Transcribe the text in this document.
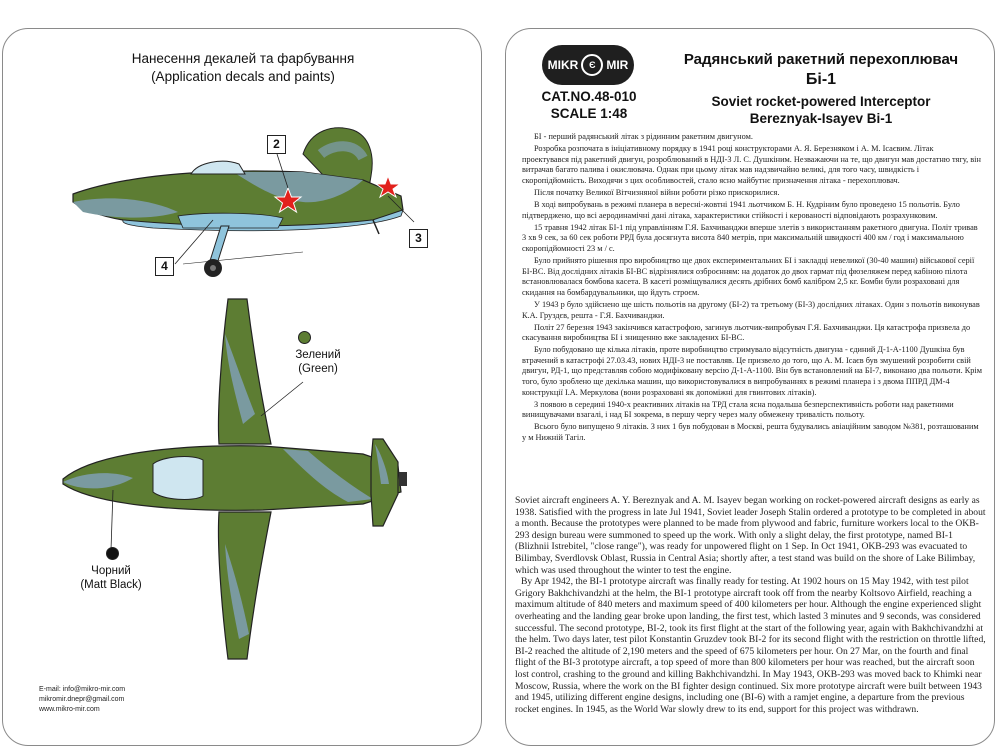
Нанесення декалей та фарбування
(Application decals and paints)
2
3
4
Зелений
(Green)
Чорний
(Matt Black)
E-mail: info@mikro-mir.com
mikromir.dnepr@gmail.com
www.mikro-mir.com
MIKR	Є MIR
CAT.NO.48-010
SCALE 1:48
Радянський ракетний перехоплювач
Бі-1
Soviet rocket-powered Interceptor
Bereznyak-Isayev Bi-1

БІ - перший радянський літак з рідинним ракетним двигуном.

Розробка розпочата в ініціативному порядку в 1941 році конструкторами А. Я. Березняком і А. М. Ісаєвим. Літак проектувався під ракетний двигун, розроблюваний в НДІ-3 Л. С. Душкіним. Незважаючи на те, що двигун мав достатню тягу, він витрачав багато палива і окислювача. Однак при цьому літак мав надзвичайно великі, для того часу, швидкість і скоропідйомність. Виходячи з цих особливостей, стало ясно майбутнє призначення літака - перехоплювач.

Після початку Великої Вітчизняної війни роботи різко прискорилися.

В ході випробувань в режимі планера в вересні-жовтні 1941 льотчиком Б. Н. Кудріним було проведено 15 польотів. Було підтверджено, що всі аеродинамічні дані літака, характеристики стійкості і керованості відповідають розрахунковим.

15 травня 1942 літак БІ-1 під управлінням Г.Я. Бахчиванджи вперше злетів з використанням ракетного двигуна. Політ тривав 3 хв 9 сек, за 60 сек роботи РРД була досягнута висота 840 метрів, при максимальній швидкості 400 км / год і максимальною скоропідйомності 23 м / с.

Було прийнято рішення про виробництво ще двох експериментальних БІ і закладці невеликої (30-40 машин) військової серії БІ-ВС. Від дослідних літаків БІ-ВС відрізнялися озброєнням: на додаток до двох гармат під фюзеляжем перед кабіною пілота встановлювалася бомбова касета. В касеті розміщувалися десять дрібних бомб калібром 2,5 кг. Бомби були розраховані для скидання на бомбардувальники, що йдуть строєм.

У 1943 р було здійснено ще шість польотів на другому (БІ-2) та третьому (БІ-3) дослідних літаках. Один з польотів виконував К.А. Груздєв, решта - Г.Я. Бахчиванджи.

Політ 27 березня 1943 закінчився катастрофою, загинув льотчик-випробувач Г.Я. Бахчиванджи. Ця катастрофа призвела до скасування виробництва БІ і знищенню вже закладених БІ-ВС.

Було побудовано ще кілька літаків, проте виробництво стримувало відсутність двигуна - єдиний Д-1-А-1100 Душкіна був втрачений в катастрофі 27.03.43, нових НДІ-3 не поставляв. Це призвело до того, що А. М. Ісаєв був змушений розробити свій двигун, РД-1, що представляв собою модифіковану версію Д-1-А-1100. Він був встановлений на БІ-7, виконано два польоти. Крім того, було зроблено ще декілька машин, що використовувалися в випробуваннях в режимі планера і з двома ППРД ДМ-4 конструкції І.А. Меркулова (вони розраховані як допоміжні для гвинтових літаків).

З появою в середині 1940-х реактивних літаків на ТРД стала ясна подальша безперспективність роботи над ракетними винищувачами взагалі, і над БІ зокрема, в першу чергу через малу обмежену тривалість польоту.

Всього було випущено 9 літаків. З них 1 був побудован в Москві, решта будувались авіаційним заводом №381, розташованим у м Нижній Тагіл.

Soviet aircraft engineers A. Y. Bereznyak and A. M. Isayev began working on rocket-powered aircraft designs as early as 1938. Satisfied with the progress in late Jul 1941, Soviet leader Joseph Stalin ordered a prototype to be completed in about a month. Because the prototypes were planned to be made from plywood and fabric, furniture workers local to the OKB-293 design bureau were summoned to speed up the work. With only a slight delay, the first prototype, named BI-1 (Blizhnii Istrebitel, "close range"), was ready for unpowered flight on 1 Sep. In Oct 1941, OKB-293 was evacuated to Bilimbay, Sverdlovsk Oblast, Russia in Central Asia; shortly after, a test stand was build on the shore of Lake Bilimbay, which was used throughout the winter to test the engine.

By Apr 1942, the BI-1 prototype aircraft was finally ready for testing. At 1902 hours on 15 May 1942, with test pilot Grigory Bakhchivandzhi at the helm, the BI-1 prototype aircraft took off from the nearby Koltsovo Airfield, reaching a maximum altitude of 840 meters and maximum speed of 400 kilometers per hour. Although the engine experienced slight overheating and the landing gear broke upon landing, the first test, which lasted 3 minutes and 9 seconds, was considered successful. The second prototype, BI-2, took its first flight at the start of the following year, again with Bakhchivandzhi at the helm. Two days later, test pilot Konstantin Gruzdev took BI-2 for its second flight with the restriction on throttle lifted, BI-2 reached the altitude of 2,190 meters and the speed of 675 kilometers per hour. On 27 Mar, on the fourth and final flight of the BI-3 prototype aircraft, a top speed of more than 800 kilometers per hour was reached, but the aircraft soon lost control, crashing to the ground and killing Bakhchivandzhi. In May 1943, OKB-293 was moved back to Khimki near Moscow, Russia, where the work on the BI fighter design continued. Six more prototype aircraft were built between 1943 and 1945, utilizing different engine designs, including one (BI-6) with a ramjet engine, a departure from the previous rocket engines. In 1945, as the World War slowly drew to its end, support for this project was withdrawn.
